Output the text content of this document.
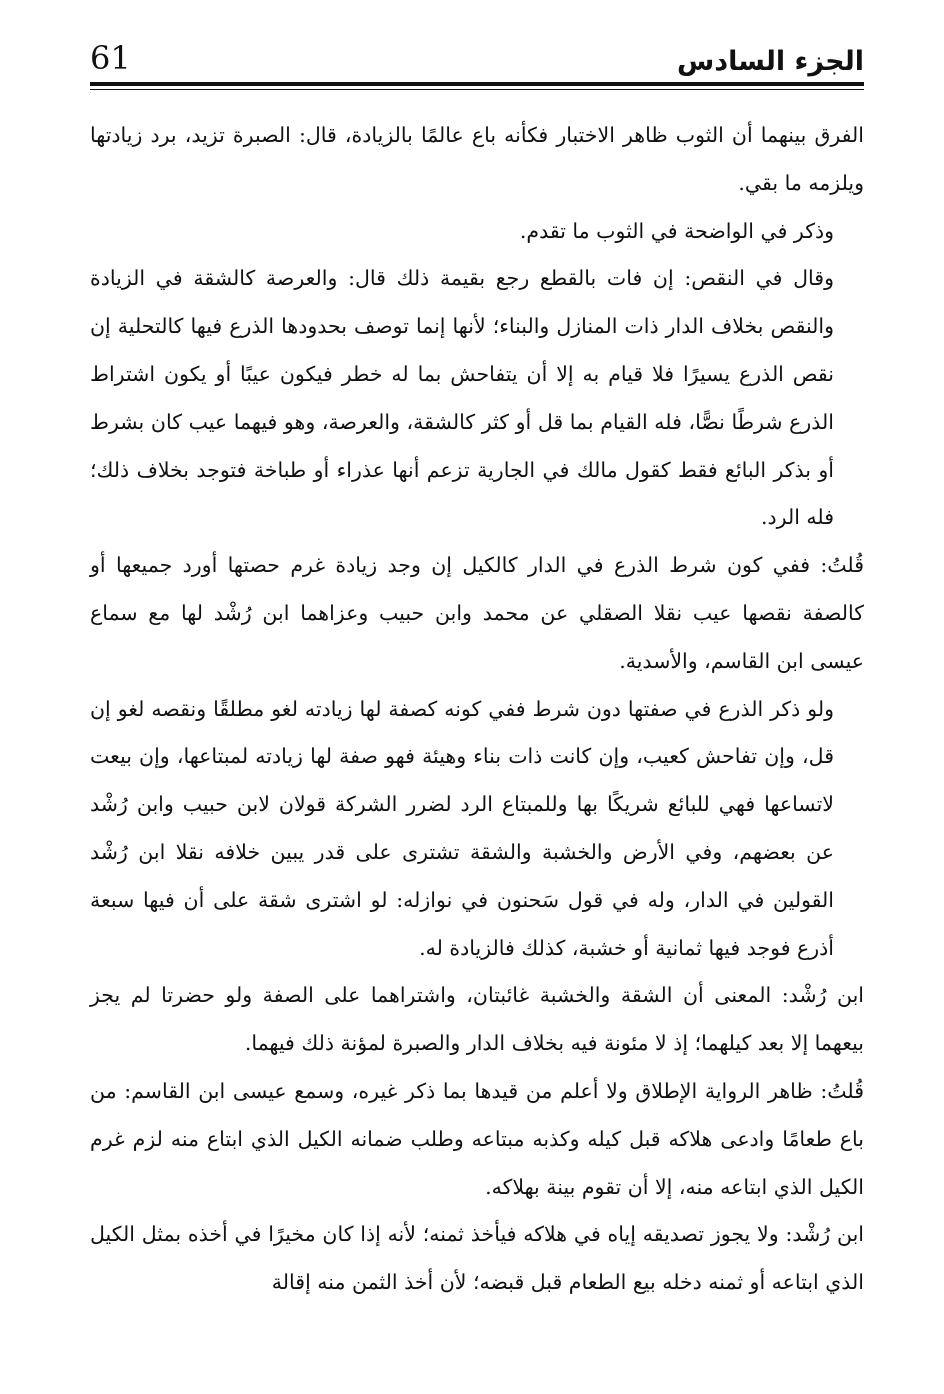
61	الجزء السادس

الفرق بينهما أن الثوب ظاهر الاختبار فكأنه باع عالمًا بالزيادة، قال: الصبرة تزيد، برد زيادتها ويلزمه ما بقي.

وذكر في الواضحة في الثوب ما تقدم.

وقال في النقص: إن فات بالقطع رجع بقيمة ذلك قال: والعرصة كالشقة في الزيادة والنقص بخلاف الدار ذات المنازل والبناء؛ لأنها إنما توصف بحدودها الذرع فيها كالتحلية إن نقص الذرع يسيرًا فلا قيام به إلا أن يتفاحش بما له خطر فيكون عيبًا أو يكون اشتراط الذرع شرطًا نصًّا، فله القيام بما قل أو كثر كالشقة، والعرصة، وهو فيهما عيب كان بشرط أو بذكر البائع فقط كقول مالك في الجارية تزعم أنها عذراء أو طباخة فتوجد بخلاف ذلك؛ فله الرد.

قُلتُ: ففي كون شرط الذرع في الدار كالكيل إن وجد زيادة غرم حصتها أورد جميعها أو كالصفة نقصها عيب نقلا الصقلي عن محمد وابن حبيب وعزاهما ابن رُشْد لها مع سماع عيسى ابن القاسم، والأسدية.

ولو ذكر الذرع في صفتها دون شرط ففي كونه كصفة لها زيادته لغو مطلقًا ونقصه لغو إن قل، وإن تفاحش كعيب، وإن كانت ذات بناء وهيئة فهو صفة لها زيادته لمبتاعها، وإن بيعت لاتساعها فهي للبائع شريكًا بها وللمبتاع الرد لضرر الشركة قولان لابن حبيب وابن رُشْد عن بعضهم، وفي الأرض والخشبة والشقة تشترى على قدر يبين خلافه نقلا ابن رُشْد القولين في الدار، وله في قول سَحنون في نوازله: لو اشترى شقة على أن فيها سبعة أذرع فوجد فيها ثمانية أو خشبة، كذلك فالزيادة له.

ابن رُشْد: المعنى أن الشقة والخشبة غائبتان، واشتراهما على الصفة ولو حضرتا لم يجز بيعهما إلا بعد كيلهما؛ إذ لا مئونة فيه بخلاف الدار والصبرة لمؤنة ذلك فيهما.

قُلتُ: ظاهر الرواية الإطلاق ولا أعلم من قيدها بما ذكر غيره، وسمع عيسى ابن القاسم: من باع طعامًا وادعى هلاكه قبل كيله وكذبه مبتاعه وطلب ضمانه الكيل الذي ابتاع منه لزم غرم الكيل الذي ابتاعه منه، إلا أن تقوم بينة بهلاكه.

ابن رُشْد: ولا يجوز تصديقه إياه في هلاكه فيأخذ ثمنه؛ لأنه إذا كان مخيرًا في أخذه بمثل الكيل الذي ابتاعه أو ثمنه دخله بيع الطعام قبل قبضه؛ لأن أخذ الثمن منه إقالة
